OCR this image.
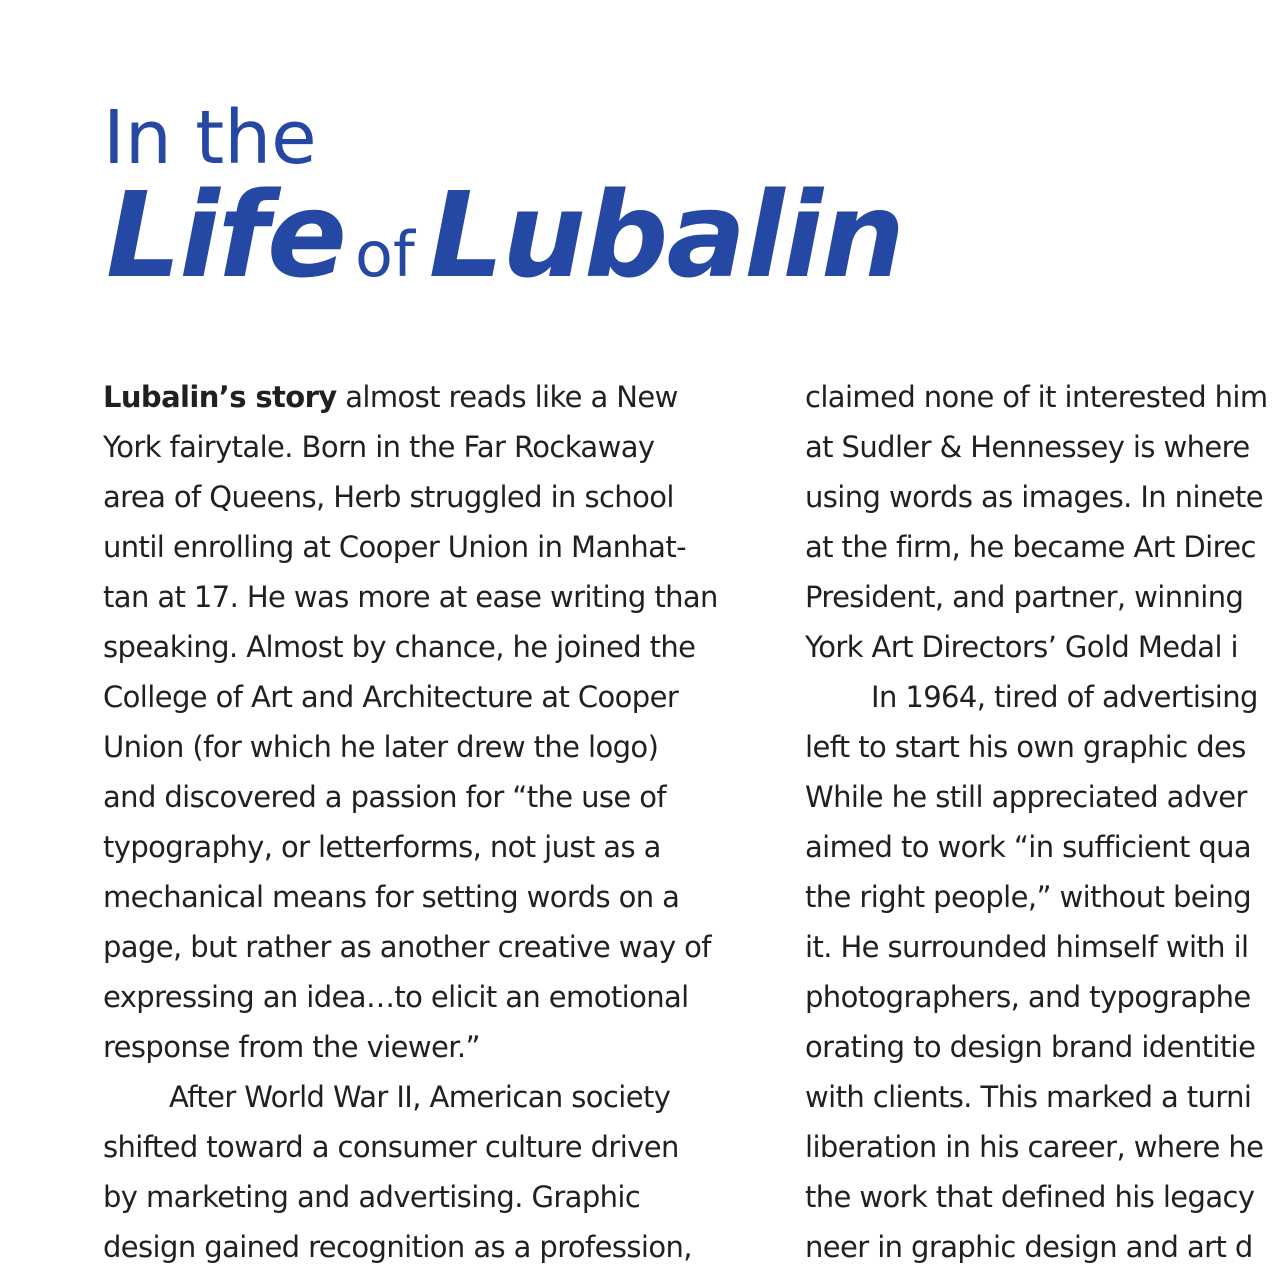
In the
Life of Lubalin
Lubalin’s story almost reads like a New
York fairytale. Born in the Far Rockaway
area of Queens, Herb struggled in school
until enrolling at Cooper Union in Manhat-
tan at 17. He was more at ease writing than
speaking. Almost by chance, he joined the
College of Art and Architecture at Cooper
Union (for which he later drew the logo)
and discovered a passion for “the use of
typography, or letterforms, not just as a
mechanical means for setting words on a
page, but rather as another creative way of
expressing an idea…to elicit an emotional
response from the viewer.”
After World War II, American society
shifted toward a consumer culture driven
by marketing and advertising. Graphic
design gained recognition as a profession,
claimed none of it interested him
at Sudler & Hennessey is where
using words as images. In ninete
at the firm, he became Art Direc
President, and partner, winning
York Art Directors’ Gold Medal i
In 1964, tired of advertising
left to start his own graphic des
While he still appreciated adver
aimed to work “in sufficient qua
the right people,” without being
it. He surrounded himself with il
photographers, and typographe
orating to design brand identitie
with clients. This marked a turni
liberation in his career, where he
the work that defined his legacy
neer in graphic design and art d
